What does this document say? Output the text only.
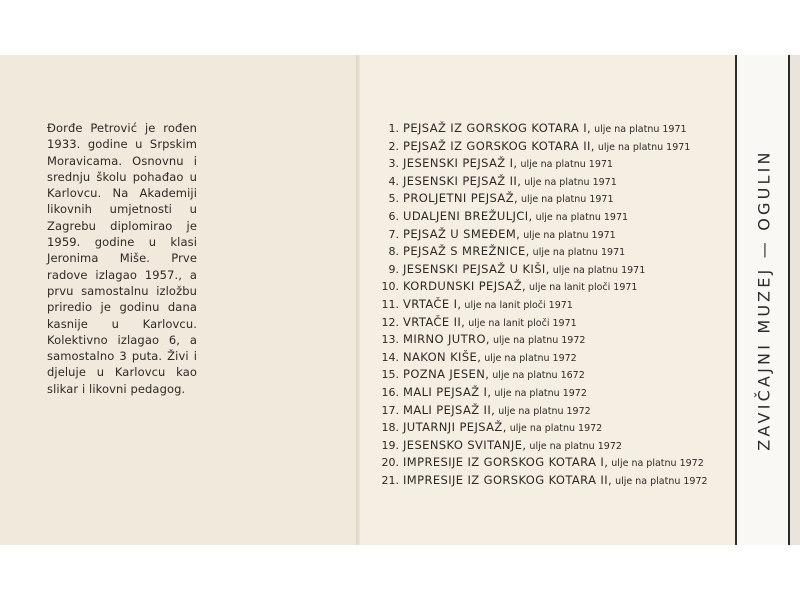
Đorđe Petrović je rođen 1933. godine u Srpskim Moravicama. Osnovnu i srednju školu pohađao u Karlovcu. Na Akademiji likovnih umjetnosti u Zagrebu diplomirao je 1959. godine u klasi Jeronima Miše. Prve radove izlagao 1957., a prvu samostalnu izložbu priredio je godinu dana kasnije u Karlovcu. Kolektivno izlagao 6, a samostalno 3 puta. Živi i djeluje u Karlovcu kao slikar i likovni pedagog.
1. PEJSAŽ IZ GORSKOG KOTARA I, ulje na platnu 1971
2. PEJSAŽ IZ GORSKOG KOTARA II, ulje na platnu 1971
3. JESENSKI PEJSAŽ I, ulje na platnu 1971
4. JESENSKI PEJSAŽ II, ulje na platnu 1971
5. PROLJETNI PEJSAŽ, ulje na platnu 1971
6. UDALJENI BREŽULJCI, ulje na platnu 1971
7. PEJSAŽ U SMEĐEM, ulje na platnu 1971
8. PEJSAŽ S MREŽNICE, ulje na platnu 1971
9. JESENSKI PEJSAŽ U KIŠI, ulje na platnu 1971
10. KORDUNSKI PEJSAŽ, ulje na lanit ploči 1971
11. VRTAČE I, ulje na lanit ploči 1971
12. VRTAČE II, ulje na lanit ploči 1971
13. MIRNO JUTRO, ulje na platnu 1972
14. NAKON KIŠE, ulje na platnu 1972
15. POZNA JESEN, ulje na platnu 1672
16. MALI PEJSAŽ I, ulje na platnu 1972
17. MALI PEJSAŽ II, ulje na platnu 1972
18. JUTARNJI PEJSAŽ, ulje na platnu 1972
19. JESENSKO SVITANJE, ulje na platnu 1972
20. IMPRESIJE IZ GORSKOG KOTARA I, ulje na platnu 1972
21. IMPRESIJE IZ GORSKOG KOTARA II, ulje na platnu 1972
ZAVIČAJNI MUZEJ — OGULIN
